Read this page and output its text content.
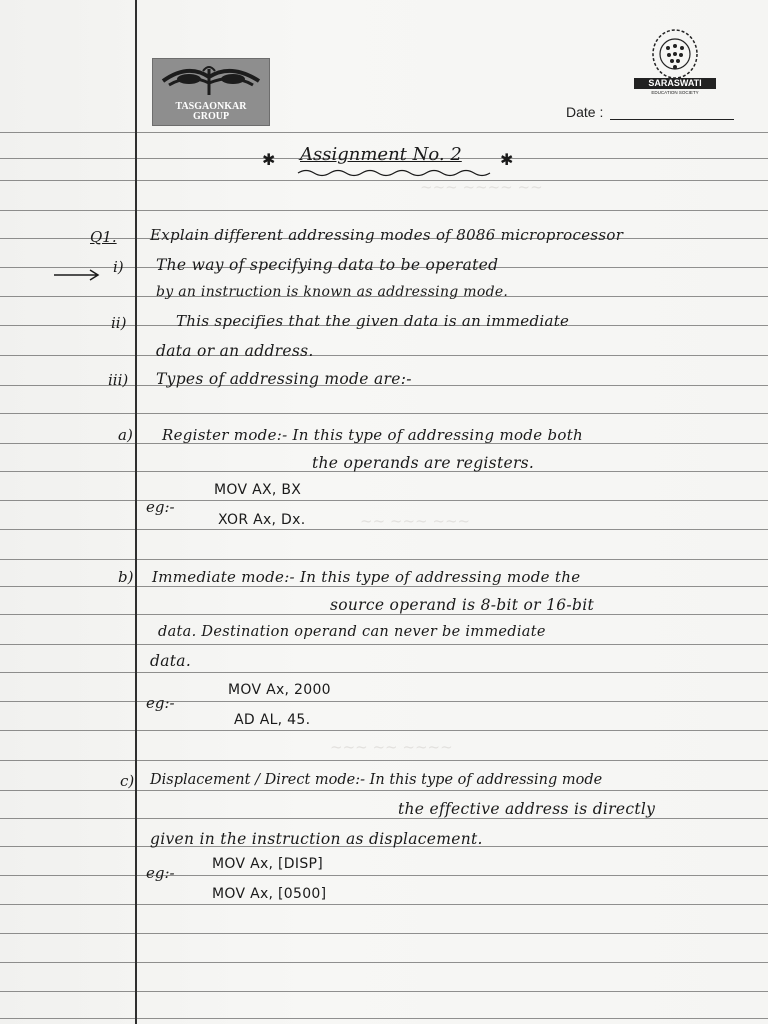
~~~ ~~~~ ~~
~~ ~~~ ~~~
~~~ ~~ ~~~~
TASGAONKAR
GROUP
SARASWATI
EDUCATION SOCIETY
Date :
✱ Assignment No. 2 ✱
Q1. Explain different addressing modes of 8086 microprocessor
i) The way of specifying data to be operated
by an instruction is known as addressing mode.
ii)	This specifies that the given data is an immediate
data or an address.
iii) Types of addressing mode are:-
a) Register mode:- In this type of addressing mode both
the operands are registers.
eg:-
MOV AX, BX
XOR Ax, Dx.
b) Immediate mode:- In this type of addressing mode the
source operand is 8-bit or 16-bit
data. Destination operand can never be immediate
data.
eg:-
MOV Ax, 2000
AD AL, 45.
c) Displacement / Direct mode:- In this type of addressing mode
the effective address is directly
given in the instruction as displacement.
eg:-	MOV Ax, [DISP]
MOV Ax, [0500]
